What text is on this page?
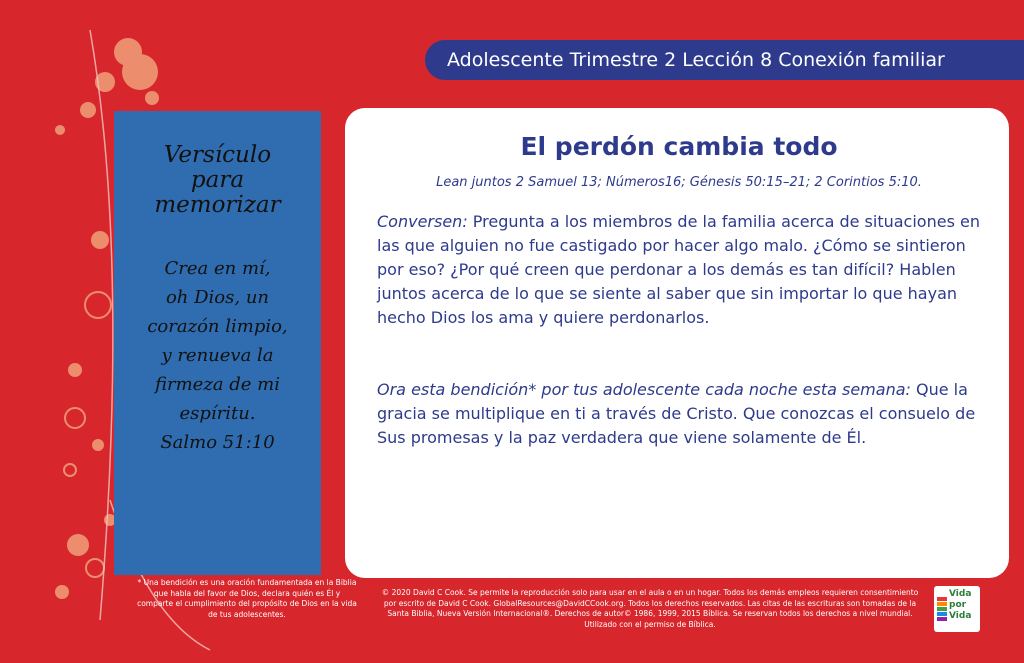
Adolescente Trimestre 2 Lección 8 Conexión familiar
Versículo
para
memorizar
Crea en mí,
oh Dios, un
corazón limpio,
y renueva la
firmeza de mi
espíritu.
Salmo 51:10
El perdón cambia todo
Lean juntos 2 Samuel 13; Números16; Génesis 50:15–21; 2 Corintios 5:10.
Conversen: Pregunta a los miembros de la familia acerca de situaciones en las que alguien no fue castigado por hacer algo malo. ¿Cómo se sintieron por eso? ¿Por qué creen que perdonar a los demás es tan difícil? Hablen juntos acerca de lo que se siente al saber que sin importar lo que hayan hecho Dios los ama y quiere perdonarlos.
Ora esta bendición* por tus adolescente cada noche esta semana: Que la gracia se multiplique en ti a través de Cristo. Que conozcas el consuelo de Sus promesas y la paz verdadera que viene solamente de Él.
* Una bendición es una oración fundamentada en la Biblia que habla del favor de Dios, declara quién es Él y comparte el cumplimiento del propósito de Dios en la vida de tus adolescentes.
© 2020 David C Cook. Se permite la reproducción solo para usar en el aula o en un hogar. Todos los demás empleos requieren consentimiento por escrito de David C Cook. GlobalResources@DavidCCook.org. Todos los derechos reservados. Las citas de las escrituras son tomadas de la Santa Biblia, Nueva Versión Internacional®. Derechos de autor© 1986, 1999, 2015 Bíblica. Se reservan todos los derechos a nivel mundial. Utilizado con el permiso de Bíblica.
Vida
por
Vida
